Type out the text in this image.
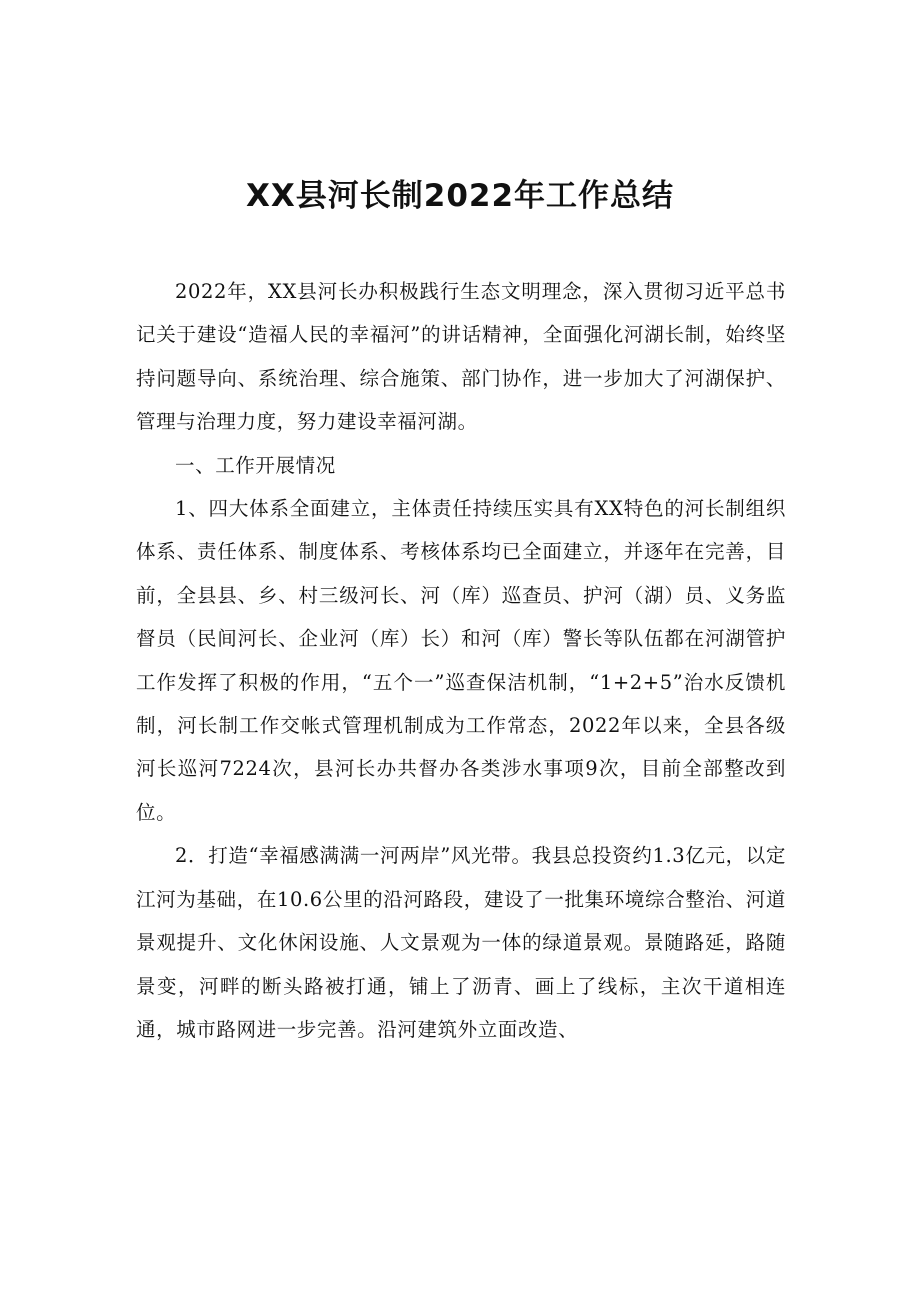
XX县河长制2022年工作总结

2022年，XX县河长办积极践行生态文明理念，深入贯彻习近平总书记关于建设“造福人民的幸福河”的讲话精神，全面强化河湖长制，始终坚持问题导向、系统治理、综合施策、部门协作，进一步加大了河湖保护、管理与治理力度，努力建设幸福河湖。

一、工作开展情况

1、四大体系全面建立，主体责任持续压实具有XX特色的河长制组织体系、责任体系、制度体系、考核体系均已全面建立，并逐年在完善，目前，全县县、乡、村三级河长、河（库）巡查员、护河（湖）员、义务监督员（民间河长、企业河（库）长）和河（库）警长等队伍都在河湖管护工作发挥了积极的作用，“五个一”巡查保洁机制，“1+2+5”治水反馈机制，河长制工作交帐式管理机制成为工作常态，2022年以来，全县各级河长巡河7224次，县河长办共督办各类涉水事项9次，目前全部整改到位。

2．打造“幸福感满满一河两岸”风光带。我县总投资约1.3亿元，以定江河为基础，在10.6公里的沿河路段，建设了一批集环境综合整治、河道景观提升、文化休闲设施、人文景观为一体的绿道景观。景随路延，路随景变，河畔的断头路被打通，铺上了沥青、画上了线标，主次干道相连通，城市路网进一步完善。沿河建筑外立面改造、
